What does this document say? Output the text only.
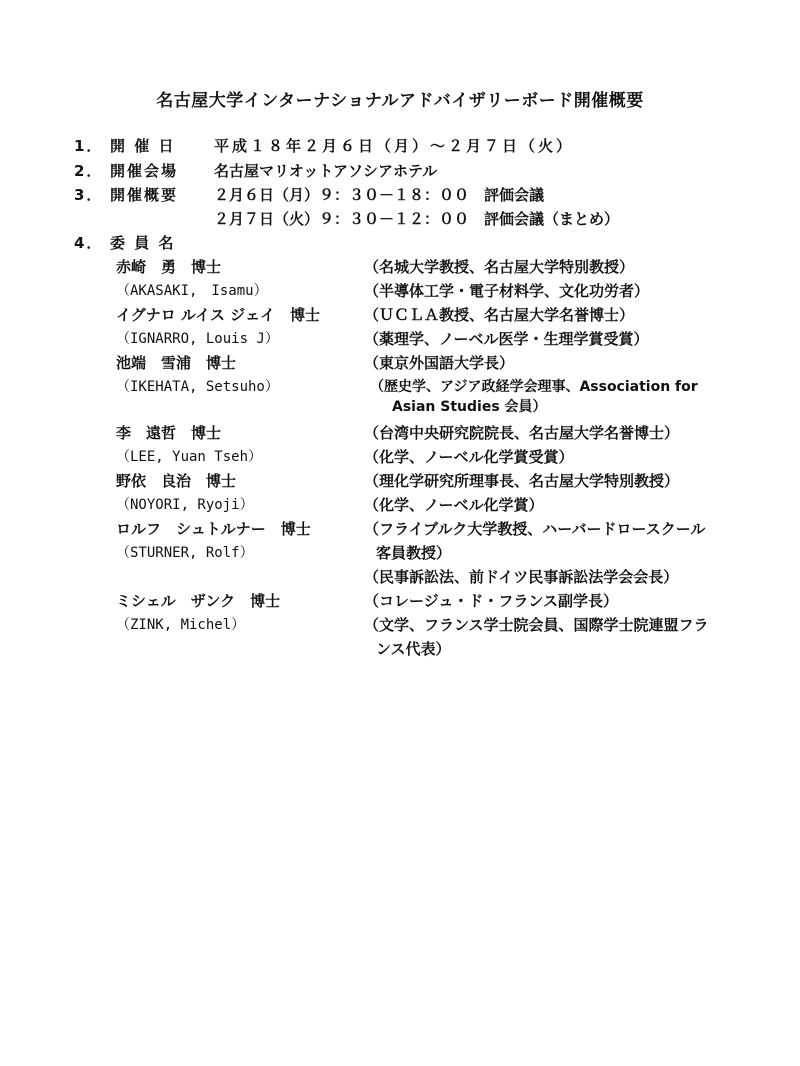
名古屋大学インターナショナルアドバイザリーボード開催概要
1． 開 催 日	平成１８年２月６日（月）～２月７日（火）
2． 開催会場 名古屋マリオットアソシアホテル
3． 開催概要 ２月６日（月）９：３０－１８：００　評価会議
２月７日（火）９：３０－１２：００　評価会議（まとめ）
4． 委 員 名
赤崎　勇　博士
（AKASAKI,　Isamu）
（名城大学教授、名古屋大学特別教授）
（半導体工学・電子材料学、文化功労者）
イグナロ ルイス ジェイ　博士
（IGNARRO, Louis J）
（ＵＣＬＡ教授、名古屋大学名誉博士）
（薬理学、ノーベル医学・生理学賞受賞）
池端　雪浦　博士
（IKEHATA, Setsuho）
（東京外国語大学長）
（歴史学、アジア政経学会理事、Association for
Asian Studies 会員）
李　遠哲　博士
（LEE, Yuan Tseh）
（台湾中央研究院院長、名古屋大学名誉博士）
（化学、ノーベル化学賞受賞）
野依　良治　博士
（NOYORI, Ryoji）
（理化学研究所理事長、名古屋大学特別教授）
（化学、ノーベル化学賞）
ロルフ　シュトルナー　博士
（STURNER, Rolf）
（フライブルク大学教授、ハーバードロースクール
客員教授）
（民事訴訟法、前ドイツ民事訴訟法学会会長）
ミシェル　ザンク　博士
（ZINK, Michel）
（コレージュ・ド・フランス副学長）
（文学、フランス学士院会員、国際学士院連盟フラ
ンス代表）
